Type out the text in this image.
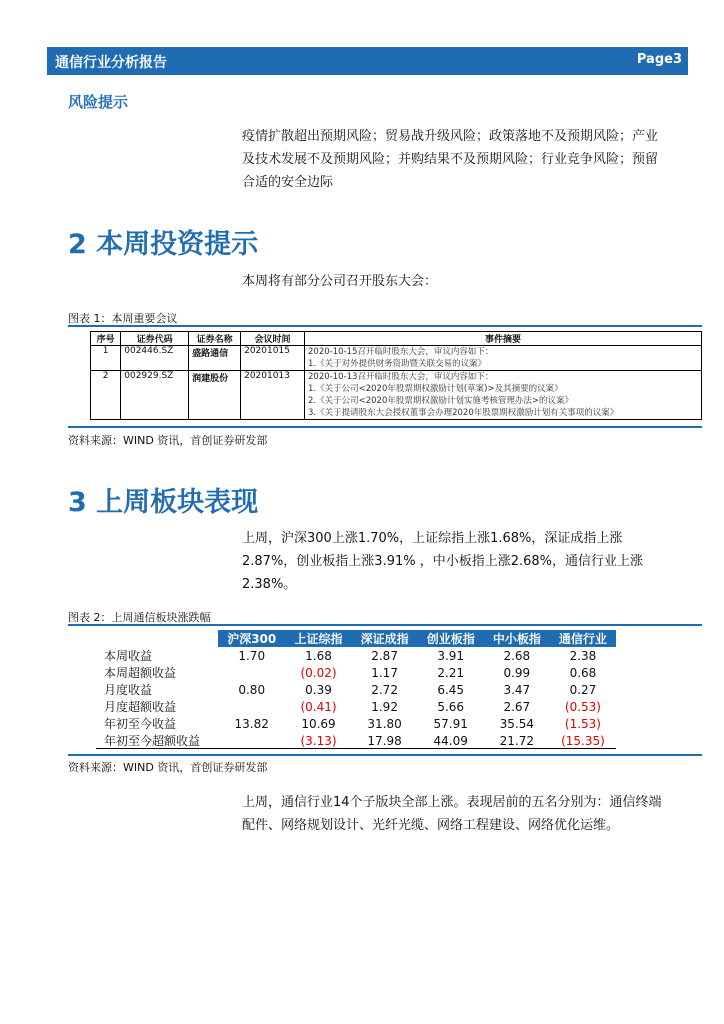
通信行业分析报告	Page3
风险提示
疫情扩散超出预期风险；贸易战升级风险；政策落地不及预期风险；产业及技术发展不及预期风险；并购结果不及预期风险；行业竞争风险；预留合适的安全边际
2 本周投资提示
本周将有部分公司召开股东大会：
图表 1：本周重要会议
序号	证券代码	证券名称	会议时间	事件摘要
1	002446.SZ	盛路通信	20201015	2020-10-15召开临时股东大会，审议内容如下：
1.《关于对外提供财务资助暨关联交易的议案》

2	002929.SZ	润建股份	20201013	2020-10-13召开临时股东大会，审议内容如下：
1.《关于公司<2020年股票期权激励计划(草案)>及其摘要的议案》
2.《关于公司<2020年股票期权激励计划实施考核管理办法>的议案》
3.《关于提请股东大会授权董事会办理2020年股票期权激励计划有关事项的议案》
资料来源：WIND 资讯，首创证券研发部
3 上周板块表现
上周，沪深300上涨1.70%，上证综指上涨1.68%，深证成指上涨2.87%，创业板指上涨3.91% ，中小板指上涨2.68%，通信行业上涨2.38%。
图表 2：上周通信板块涨跌幅
	沪深300	上证综指	深证成指	创业板指	中小板指	通信行业
本周收益	1.70	1.68	2.87	3.91	2.68	2.38
本周超额收益		(0.02)	1.17	2.21	0.99	0.68
月度收益	0.80	0.39	2.72	6.45	3.47	0.27
月度超额收益		(0.41)	1.92	5.66	2.67	(0.53)
年初至今收益	13.82	10.69	31.80	57.91	35.54	(1.53)
年初至今超额收益		(3.13)	17.98	44.09	21.72	(15.35)
资料来源：WIND 资讯，首创证券研发部
上周，通信行业14个子版块全部上涨。表现居前的五名分别为：通信终端配件、网络规划设计、光纤光缆、网络工程建设、网络优化运维。
